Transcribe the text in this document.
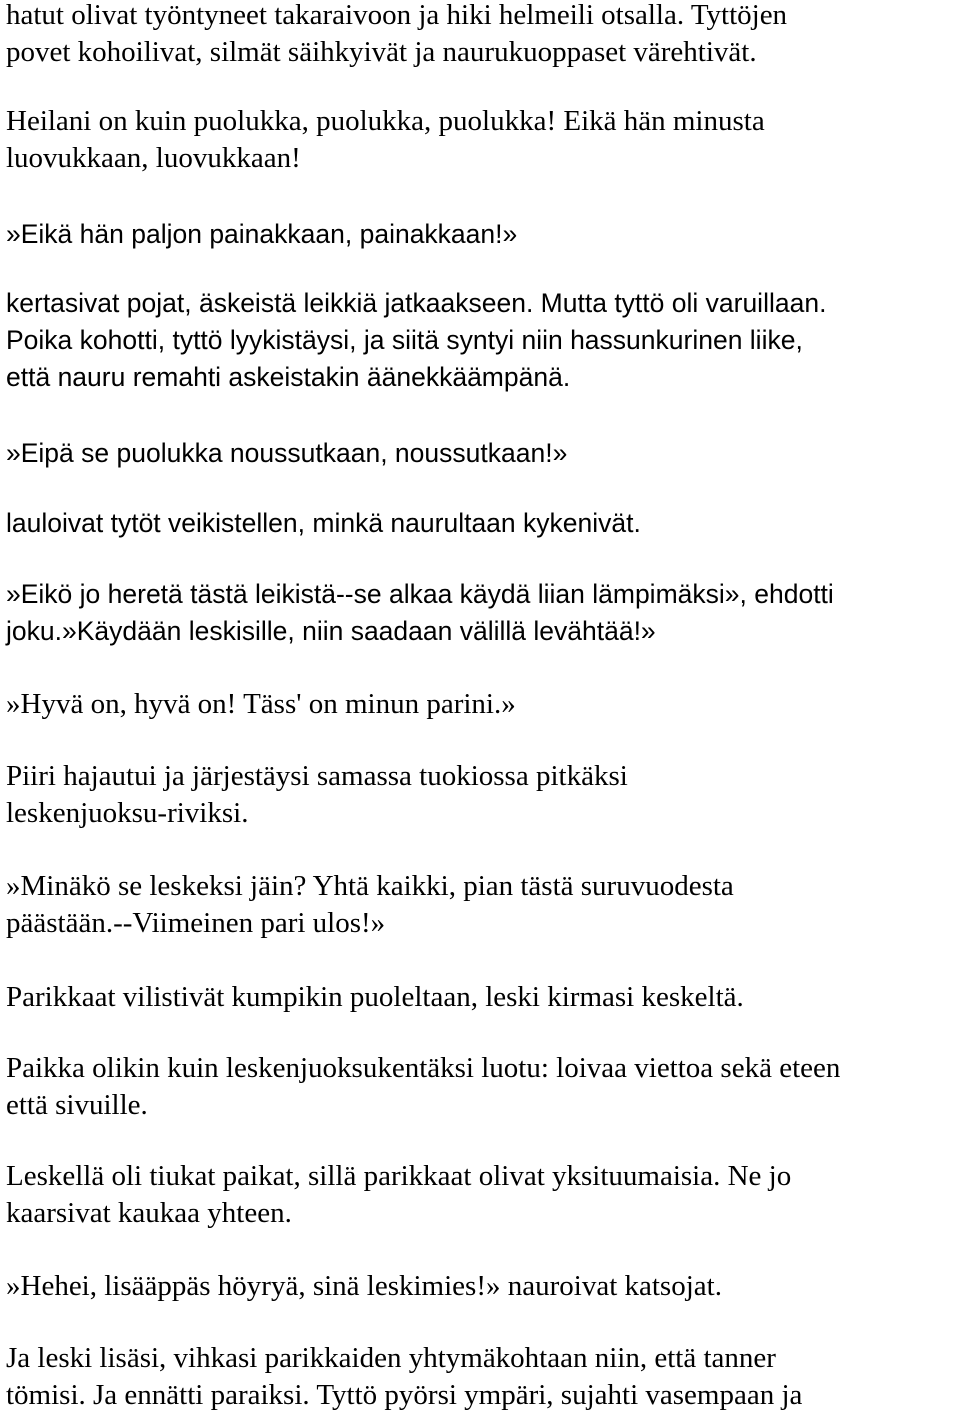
hatut olivat työntyneet takaraivoon ja hiki helmeili otsalla. Tyttöjen
povet kohoilivat, silmät säihkyivät ja naurukuoppaset värehtivät.

Heilani on kuin puolukka, puolukka, puolukka! Eikä hän minusta
luovukkaan, luovukkaan!

»Eikä hän paljon painakkaan, painakkaan!»

kertasivat pojat, äskeistä leikkiä jatkaakseen. Mutta tyttö oli varuillaan.
Poika kohotti, tyttö lyykistäysi, ja siitä syntyi niin hassunkurinen liike,
että nauru remahti askeistakin äänekkäämpänä.

»Eipä se puolukka noussutkaan, noussutkaan!»

lauloivat tytöt veikistellen, minkä naurultaan kykenivät.

»Eikö jo heretä tästä leikistä--se alkaa käydä liian lämpimäksi», ehdotti
joku.»Käydään leskisille, niin saadaan välillä levähtää!»

»Hyvä on, hyvä on! Täss' on minun parini.»

Piiri hajautui ja järjestäysi samassa tuokiossa pitkäksi
leskenjuoksu-riviksi.

»Minäkö se leskeksi jäin? Yhtä kaikki, pian tästä suruvuodesta
päästään.--Viimeinen pari ulos!»

Parikkaat vilistivät kumpikin puoleltaan, leski kirmasi keskeltä.

Paikka olikin kuin leskenjuoksukentäksi luotu: loivaa viettoa sekä eteen
että sivuille.

Leskellä oli tiukat paikat, sillä parikkaat olivat yksituumaisia. Ne jo
kaarsivat kaukaa yhteen.

»Hehei, lisääppäs höyryä, sinä leskimies!» nauroivat katsojat.

Ja leski lisäsi, vihkasi parikkaiden yhtymäkohtaan niin, että tanner
tömisi. Ja ennätti paraiksi. Tyttö pyörsi ympäri, sujahti vasempaan ja
